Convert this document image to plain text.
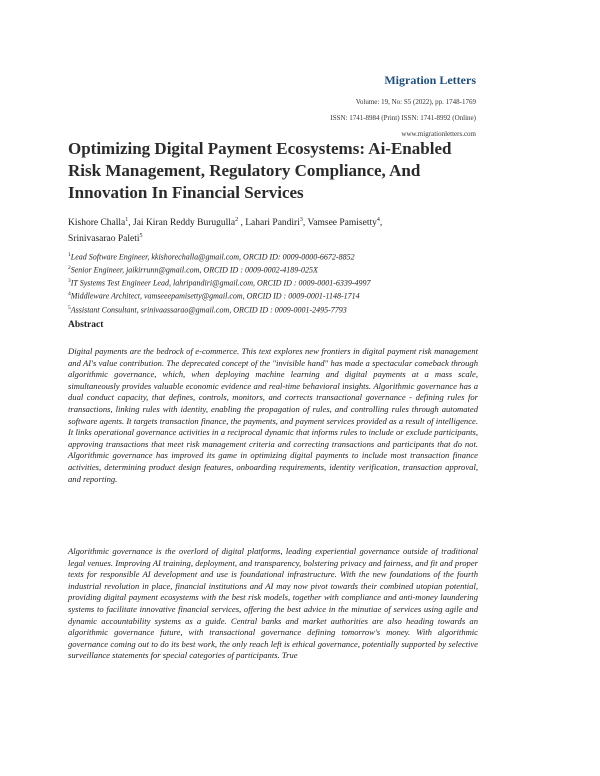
Migration Letters
Volume: 19, No: S5 (2022), pp. 1748-1769
ISSN: 1741-8984 (Print) ISSN: 1741-8992 (Online)
www.migrationletters.com
Optimizing Digital Payment Ecosystems: Ai-Enabled Risk Management, Regulatory Compliance, And Innovation In Financial Services
Kishore Challa$^1$, Jai Kiran Reddy Burugulla$^2$ , Lahari Pandiri$^3$, Vamsee Pamisetty$^4$,
Srinivasarao Paleti$^5$
$^1$Lead Software Engineer, kkishorechalla@gmail.com, ORCID ID: 0009-0000-6672-8852
$^2$Senior Engineer, jaikirrunn@gmail.com, ORCID ID : 0009-0002-4189-025X
$^3$IT Systems Test Engineer Lead, lahripandiri@gmail.com, ORCID ID : 0009-0001-6339-4997
$^4$Middleware Architect, vamseeepamisetty@gmail.com, ORCID ID : 0009-0001-1148-1714
$^5$Assistant Consultant, srinivaassarao@gmail.com, ORCID ID : 0009-0001-2495-7793
Abstract

Digital payments are the bedrock of e-commerce. This text explores new frontiers in digital payment risk management and AI's value contribution. The deprecated concept of the "invisible hand" has made a spectacular comeback through algorithmic governance, which, when deploying machine learning and digital payments at a mass scale, simultaneously provides valuable economic evidence and real-time behavioral insights. Algorithmic governance has a dual conduct capacity, that defines, controls, monitors, and corrects transactional governance - defining rules for transactions, linking rules with identity, enabling the propagation of rules, and controlling rules through automated software agents. It targets transaction finance, the payments, and payment services provided as a result of intelligence. It links operational governance activities in a reciprocal dynamic that informs rules to include or exclude participants, approving transactions that meet risk management criteria and correcting transactions and participants that do not. Algorithmic governance has improved its game in optimizing digital payments to include most transaction finance activities, determining product design features, onboarding requirements, identity verification, transaction approval, and reporting.

Algorithmic governance is the overlord of digital platforms, leading experiential governance outside of traditional legal venues. Improving AI training, deployment, and transparency, bolstering privacy and fairness, and fit and proper texts for responsible AI development and use is foundational infrastructure. With the new foundations of the fourth industrial revolution in place, financial institutions and AI may now pivot towards their combined utopian potential, providing digital payment ecosystems with the best risk models, together with compliance and anti-money laundering systems to facilitate innovative financial services, offering the best advice in the minutiae of services using agile and dynamic accountability systems as a guide. Central banks and market authorities are also heading towards an algorithmic governance future, with transactional governance defining tomorrow's money. With algorithmic governance coming out to do its best work, the only reach left is ethical governance, potentially supported by selective surveillance statements for special categories of participants. True
